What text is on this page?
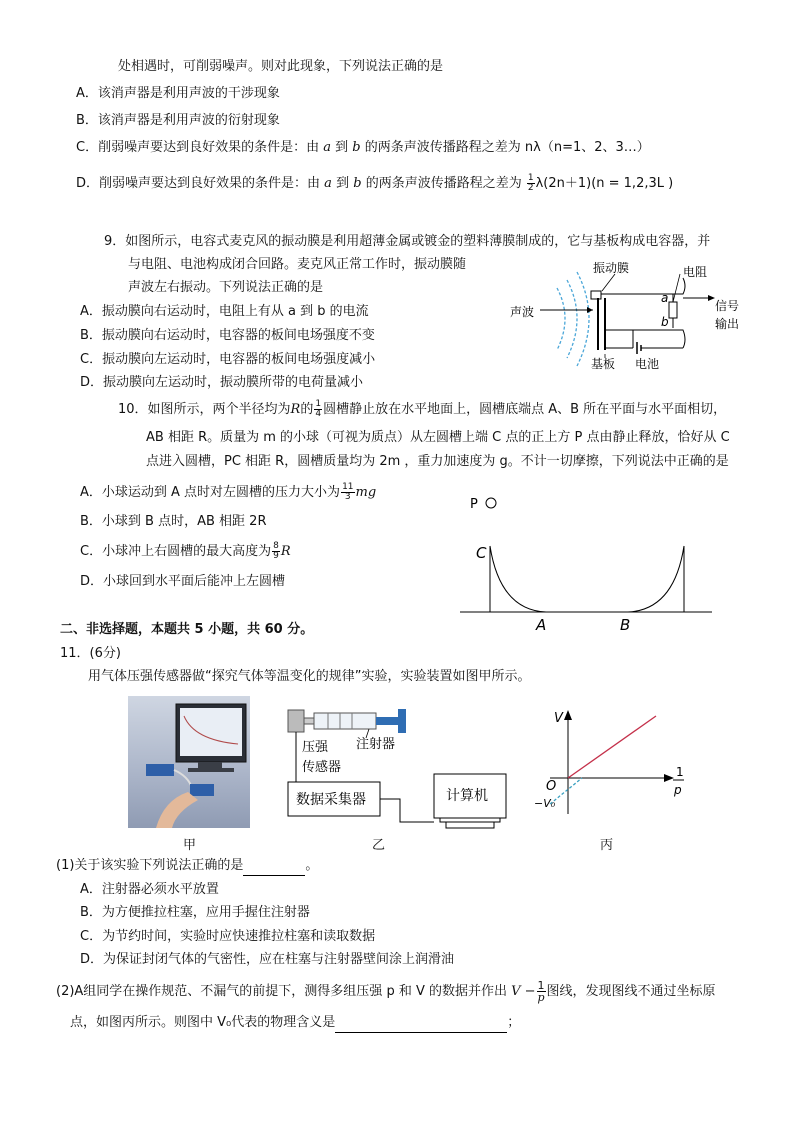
处相遇时，可削弱噪声。则对此现象，下列说法正确的是
A．该消声器是利用声波的干涉现象
B．该消声器是利用声波的衍射现象
C．削弱噪声要达到良好效果的条件是：由 a 到 b 的两条声波传播路程之差为 nλ（n=1、2、3…）
D．削弱噪声要达到良好效果的条件是：由 a 到 b 的两条声波传播路程之差为 $\frac{1}{2} \lambda(2n+1)(n = 1,2,3L$ )
9．如图所示，电容式麦克风的振动膜是利用超薄金属或镀金的塑料薄膜制成的，它与基板构成电容器，并
与电阻、电池构成闭合回路。麦克风正常工作时，振动膜随
声波左右振动。下列说法正确的是
A．振动膜向右运动时，电阻上有从 a 到 b 的电流
B．振动膜向右运动时，电容器的板间电场强度不变
C．振动膜向左运动时，电容器的板间电场强度减小
D．振动膜向左运动时，振动膜所带的电荷量减小
振动膜	电阻
声波	信号
输出
基板 电池
a
b
10．如图所示，两个半径均为R的 $\frac{1}{4}$ 圆槽静止放在水平地面上，圆槽底端点 A、B 所在平面与水平面相切，
AB 相距 R。质量为 m 的小球（可视为质点）从左圆槽上端 C 点的正上方 P 点由静止释放，恰好从 C
点进入圆槽，PC 相距 R，圆槽质量均为 2m ，重力加速度为 g。不计一切摩擦，下列说法中正确的是
A．小球运动到 A 点时对左圆槽的压力大小为 $\frac{11}{3}$ mg
B．小球到 B 点时，AB 相距 2R
C．小球冲上右圆槽的最大高度为 $\frac{8}{9}$ R
D．小球回到水平面后能冲上左圆槽
P
C
A	B
二、非选择题，本题共 5 小题，共 60 分。
11．(6分)
用气体压强传感器做“探究气体等温变化的规律”实验，实验装置如图甲所示。
注射器
压强
传感器
数据采集器	计算机
V
O
−V₀
1
p
甲	乙	丙
(1)关于该实验下列说法正确的是	。
A．注射器必须水平放置
B．为方便推拉柱塞，应用手握住注射器
C．为节约时间，实验时应快速推拉柱塞和读取数据
D．为保证封闭气体的气密性，应在柱塞与注射器壁间涂上润滑油
(2)A组同学在操作规范、不漏气的前提下，测得多组压强 p 和 V 的数据并作出 $V - \frac{1}{p}$ 图线，发现图线不通过坐标原
点，如图丙所示。则图中 V₀代表的物理含义是	；
